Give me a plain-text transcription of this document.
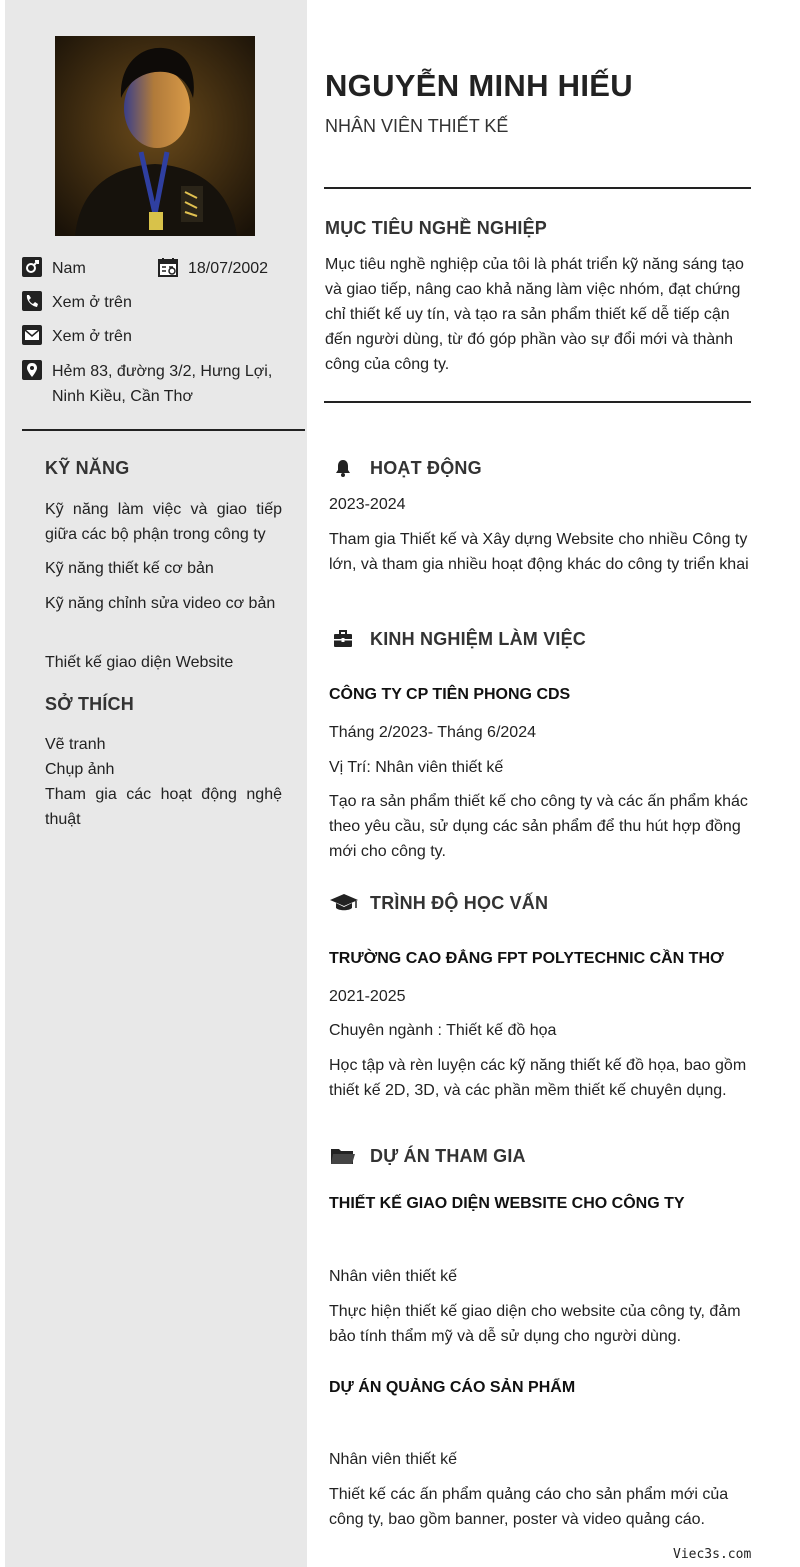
Nam	18/07/2002
Xem ở trên
Xem ở trên
Hẻm 83, đường 3/2, Hưng Lợi,
Ninh Kiều, Cần Thơ
KỸ NĂNG
Kỹ năng làm việc và giao tiếp giữa các bộ phận trong công ty
Kỹ năng thiết kế cơ bản
Kỹ năng chỉnh sửa video cơ bản
Thiết kế giao diện Website
SỞ THÍCH
Vẽ tranh
Chụp ảnh
Tham gia các hoạt động nghệ thuật
NGUYỄN MINH HIẾU
NHÂN VIÊN THIẾT KẾ
MỤC TIÊU NGHỀ NGHIỆP
Mục tiêu nghề nghiệp của tôi là phát triển kỹ năng sáng tạo và giao tiếp, nâng cao khả năng làm việc nhóm, đạt chứng chỉ thiết kế uy tín, và tạo ra sản phẩm thiết kế dễ tiếp cận đến người dùng, từ đó góp phần vào sự đổi mới và thành công của công ty.
HOẠT ĐỘNG
2023-2024
Tham gia Thiết kế và Xây dựng Website cho nhiều Công ty lớn, và tham gia nhiều hoạt động khác do công ty triển khai
KINH NGHIỆM LÀM VIỆC
CÔNG TY CP TIÊN PHONG CDS
Tháng 2/2023- Tháng 6/2024
Vị Trí: Nhân viên thiết kế
Tạo ra sản phẩm thiết kế cho công ty và các ấn phẩm khác theo yêu cầu, sử dụng các sản phẩm để thu hút hợp đồng mới cho công ty.
TRÌNH ĐỘ HỌC VẤN
TRƯỜNG CAO ĐẲNG FPT POLYTECHNIC CẦN THƠ
2021-2025
Chuyên ngành : Thiết kế đồ họa
Học tập và rèn luyện các kỹ năng thiết kế đồ họa, bao gồm thiết kế 2D, 3D, và các phần mềm thiết kế chuyên dụng.
DỰ ÁN THAM GIA
THIẾT KẾ GIAO DIỆN WEBSITE CHO CÔNG TY
Nhân viên thiết kế
Thực hiện thiết kế giao diện cho website của công ty, đảm bảo tính thẩm mỹ và dễ sử dụng cho người dùng.
DỰ ÁN QUẢNG CÁO SẢN PHẨM
Nhân viên thiết kế
Thiết kế các ấn phẩm quảng cáo cho sản phẩm mới của công ty, bao gồm banner, poster và video quảng cáo.
Viec3s.com
